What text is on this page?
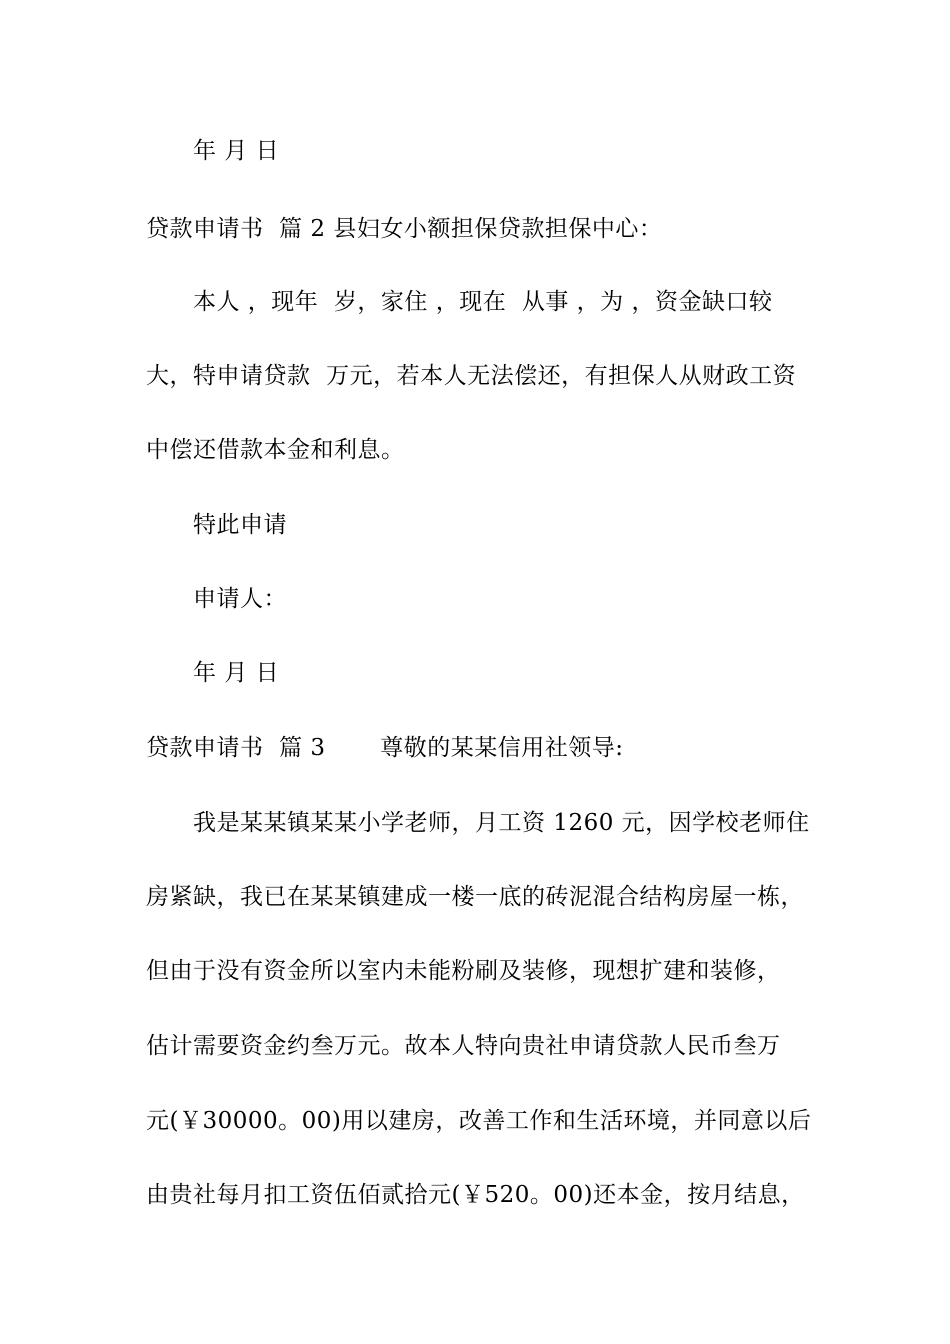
年 月 日
贷款申请书  篇 2 县妇女小额担保贷款担保中心：
本人 ，现年  岁，家住 ，现在  从事 ，为 ，资金缺口较
大，特申请贷款  万元，若本人无法偿还，有担保人从财政工资
中偿还借款本金和利息。
特此申请
申请人：
年 月 日
贷款申请书  篇 3       尊敬的某某信用社领导:
我是某某镇某某小学老师，月工资 1260 元，因学校老师住
房紧缺，我已在某某镇建成一楼一底的砖泥混合结构房屋一栋，
但由于没有资金所以室内未能粉刷及装修，现想扩建和装修，
估计需要资金约叁万元。故本人特向贵社申请贷款人民币叁万
元(￥30000。00)用以建房，改善工作和生活环境，并同意以后
由贵社每月扣工资伍佰贰拾元(￥520。00)还本金，按月结息，
